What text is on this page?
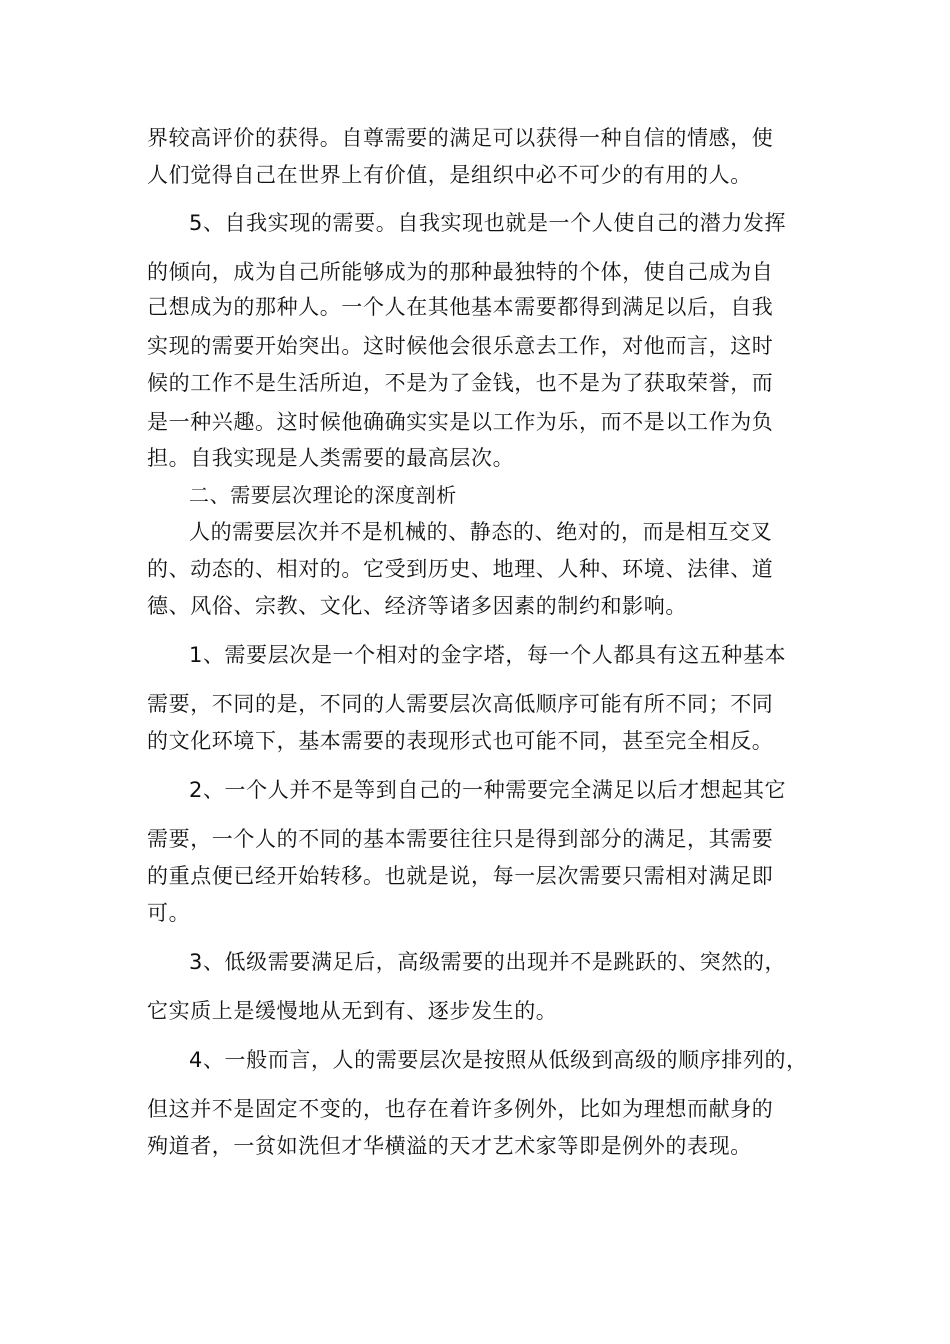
界较高评价的获得。自尊需要的满足可以获得一种自信的情感，使
人们觉得自己在世界上有价值，是组织中必不可少的有用的人。
5、自我实现的需要。自我实现也就是一个人使自己的潜力发挥
的倾向，成为自己所能够成为的那种最独特的个体，使自己成为自
己想成为的那种人。一个人在其他基本需要都得到满足以后，自我
实现的需要开始突出。这时候他会很乐意去工作，对他而言，这时
候的工作不是生活所迫，不是为了金钱，也不是为了获取荣誉，而
是一种兴趣。这时候他确确实实是以工作为乐，而不是以工作为负
担。自我实现是人类需要的最高层次。
二、需要层次理论的深度剖析
人的需要层次并不是机械的、静态的、绝对的，而是相互交叉
的、动态的、相对的。它受到历史、地理、人种、环境、法律、道
德、风俗、宗教、文化、经济等诸多因素的制约和影响。
1、需要层次是一个相对的金字塔，每一个人都具有这五种基本
需要，不同的是，不同的人需要层次高低顺序可能有所不同；不同
的文化环境下，基本需要的表现形式也可能不同，甚至完全相反。
2、一个人并不是等到自己的一种需要完全满足以后才想起其它
需要，一个人的不同的基本需要往往只是得到部分的满足，其需要
的重点便已经开始转移。也就是说，每一层次需要只需相对满足即
可。
3、低级需要满足后，高级需要的出现并不是跳跃的、突然的，
它实质上是缓慢地从无到有、逐步发生的。
4、一般而言，人的需要层次是按照从低级到高级的顺序排列的，
但这并不是固定不变的，也存在着许多例外，比如为理想而献身的
殉道者，一贫如洗但才华横溢的天才艺术家等即是例外的表现。
